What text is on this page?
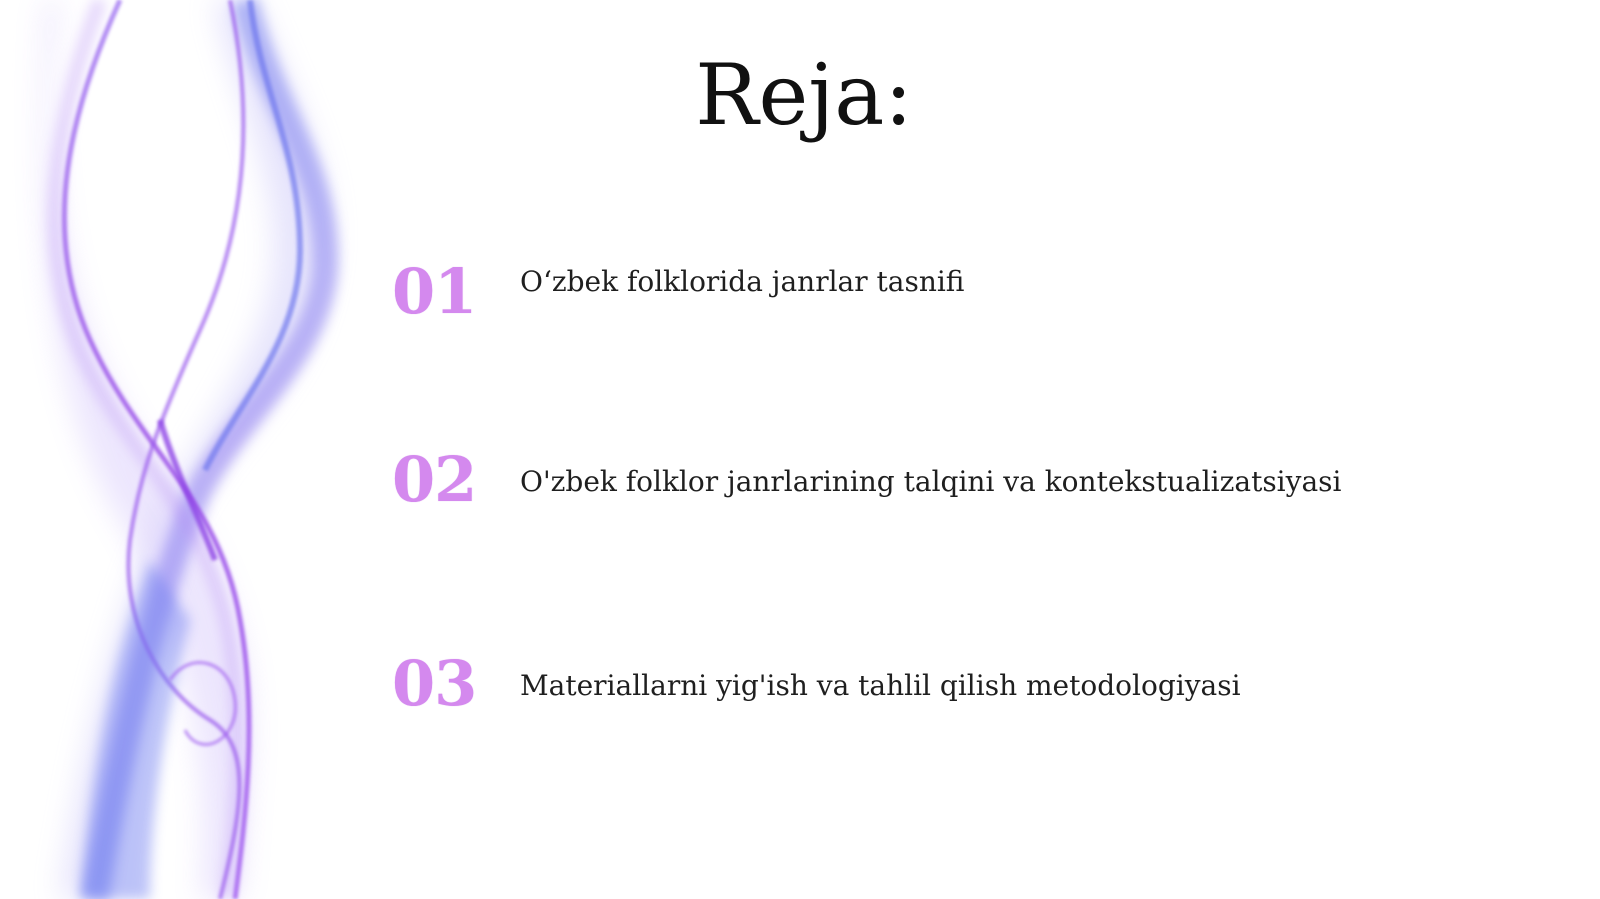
Reja:
01 O‘zbek folklorida janrlar tasnifi
02 O'zbek folklor janrlarining talqini va kontekstualizatsiyasi
03 Materiallarni yig'ish va tahlil qilish metodologiyasi
